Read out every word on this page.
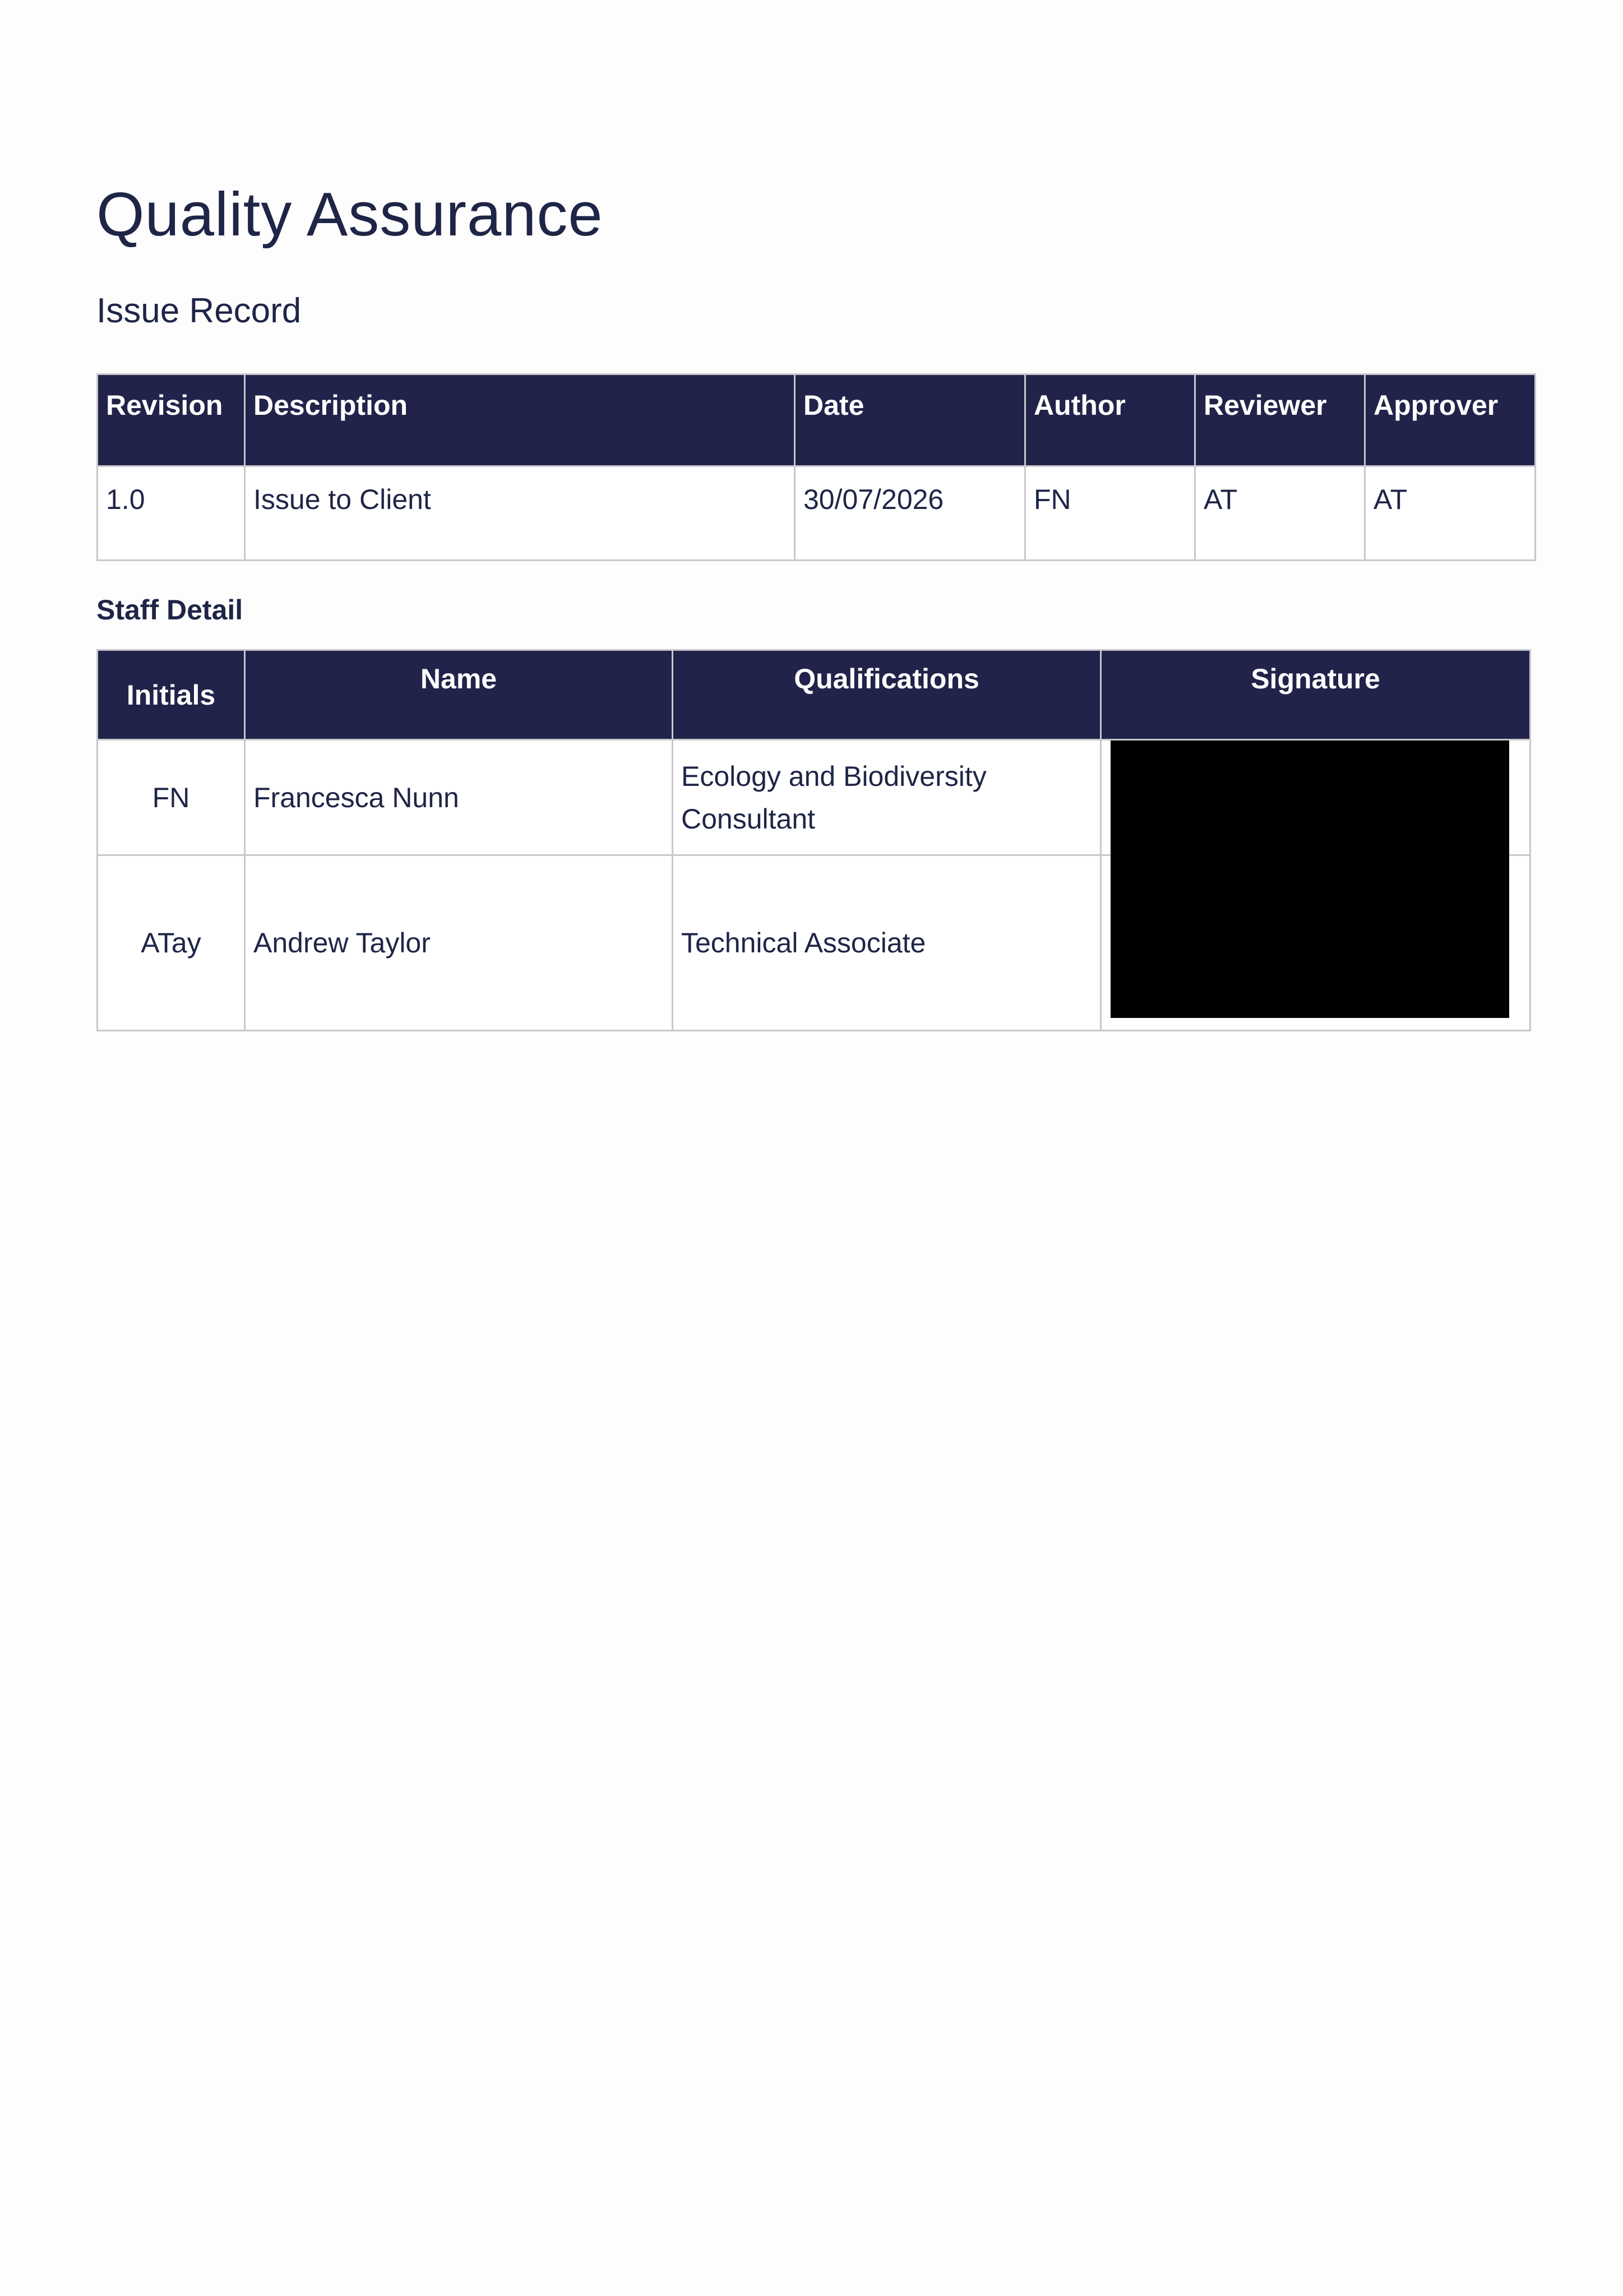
Quality Assurance
Issue Record
Revision	Description	Date	Author	Reviewer	Approver
1.0	Issue to Client	30/07/2026	FN	AT	AT
Staff Detail
Initials	Name	Qualifications	Signature
FN	Francesca Nunn	Ecology and Biodiversity Consultant	
ATay	Andrew Taylor	Technical Associate	
